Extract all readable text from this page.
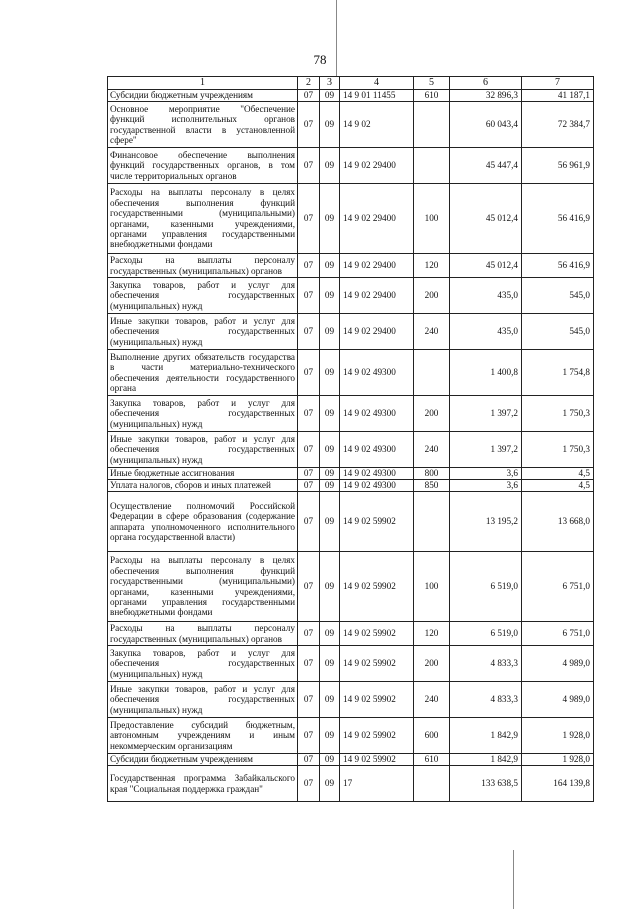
78
1	2	3	4	5	6	7
Субсидии бюджетным учреждениям	07	09	14 9 01 11455	610	32 896,3	41 187,1
Основное мероприятие "Обеспечение функций исполнительных органов государственной власти в установленной сфере"	07	09	14 9 02		60 043,4	72 384,7
Финансовое обеспечение выполнения функций государственных органов, в том числе территориальных органов	07	09	14 9 02 29400		45 447,4	56 961,9
Расходы на выплаты персоналу в целях обеспечения выполнения функций государственными (муниципальными) органами, казенными учреждениями, органами управления государственными внебюджетными фондами	07	09	14 9 02 29400	100	45 012,4	56 416,9
Расходы на выплаты персоналу государственных (муниципальных) органов	07	09	14 9 02 29400	120	45 012,4	56 416,9
Закупка товаров, работ и услуг для обеспечения государственных (муниципальных) нужд	07	09	14 9 02 29400	200	435,0	545,0
Иные закупки товаров, работ и услуг для обеспечения государственных (муниципальных) нужд	07	09	14 9 02 29400	240	435,0	545,0
Выполнение других обязательств государства в части материально-технического обеспечения деятельности государственного органа	07	09	14 9 02 49300		1 400,8	1 754,8
Закупка товаров, работ и услуг для обеспечения государственных (муниципальных) нужд	07	09	14 9 02 49300	200	1 397,2	1 750,3
Иные закупки товаров, работ и услуг для обеспечения государственных (муниципальных) нужд	07	09	14 9 02 49300	240	1 397,2	1 750,3
Иные бюджетные ассигнования	07	09	14 9 02 49300	800	3,6	4,5
Уплата налогов, сборов и иных платежей	07	09	14 9 02 49300	850	3,6	4,5
Осуществление полномочий Российской Федерации в сфере образования (содержание аппарата уполномоченного исполнительного органа государственной власти)	07	09	14 9 02 59902		13 195,2	13 668,0
Расходы на выплаты персоналу в целях обеспечения выполнения функций государственными (муниципальными) органами, казенными учреждениями, органами управления государственными внебюджетными фондами	07	09	14 9 02 59902	100	6 519,0	6 751,0
Расходы на выплаты персоналу государственных (муниципальных) органов	07	09	14 9 02 59902	120	6 519,0	6 751,0
Закупка товаров, работ и услуг для обеспечения государственных (муниципальных) нужд	07	09	14 9 02 59902	200	4 833,3	4 989,0
Иные закупки товаров, работ и услуг для обеспечения государственных (муниципальных) нужд	07	09	14 9 02 59902	240	4 833,3	4 989,0
Предоставление субсидий бюджетным, автономным учреждениям и иным некоммерческим организациям	07	09	14 9 02 59902	600	1 842,9	1 928,0
Субсидии бюджетным учреждениям	07	09	14 9 02 59902	610	1 842,9	1 928,0
Государственная программа Забайкальского края "Социальная поддержка граждан"	07	09	17		133 638,5	164 139,8
